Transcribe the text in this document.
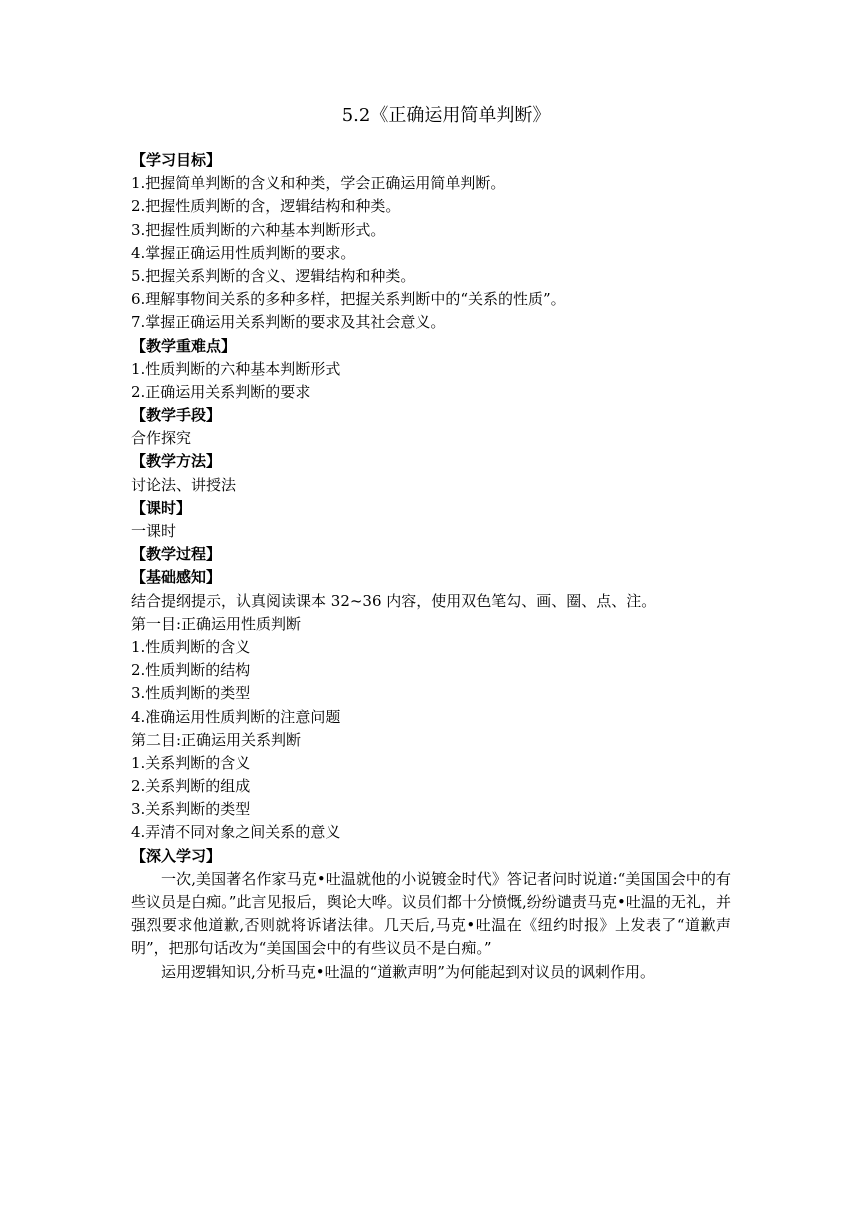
5.2《正确运用简单判断》
【学习目标】
1.把握简单判断的含义和种类，学会正确运用简单判断。
2.把握性质判断的含，逻辑结构和种类。
3.把握性质判断的六种基本判断形式。
4.掌握正确运用性质判断的要求。
5.把握关系判断的含义、逻辑结构和种类。
6.理解事物间关系的多种多样，把握关系判断中的“关系的性质”。
7.掌握正确运用关系判断的要求及其社会意义。
【教学重难点】
1.性质判断的六种基本判断形式
2.正确运用关系判断的要求
【教学手段】
合作探究
【教学方法】
讨论法、讲授法
【课时】
一课时
【教学过程】
【基础感知】
结合提纲提示，认真阅读课本 32~36 内容，使用双色笔勾、画、圈、点、注。
第一目:正确运用性质判断
1.性质判断的含义
2.性质判断的结构
3.性质判断的类型
4.准确运用性质判断的注意问题
第二目:正确运用关系判断
1.关系判断的含义
2.关系判断的组成
3.关系判断的类型
4.弄清不同对象之间关系的意义
【深入学习】

一次,美国著名作家马克•吐温就他的小说镀金时代》答记者问时说道:“美国国会中的有些议员是白痴。”此言见报后，舆论大哗。议员们都十分愤慨,纷纷谴责马克•吐温的无礼，并强烈要求他道歉,否则就将诉诸法律。几天后,马克•吐温在《纽约时报》上发表了“道歉声明”，把那句话改为“美国国会中的有些议员不是白痴。”

运用逻辑知识,分析马克•吐温的“道歉声明”为何能起到对议员的讽刺作用。
